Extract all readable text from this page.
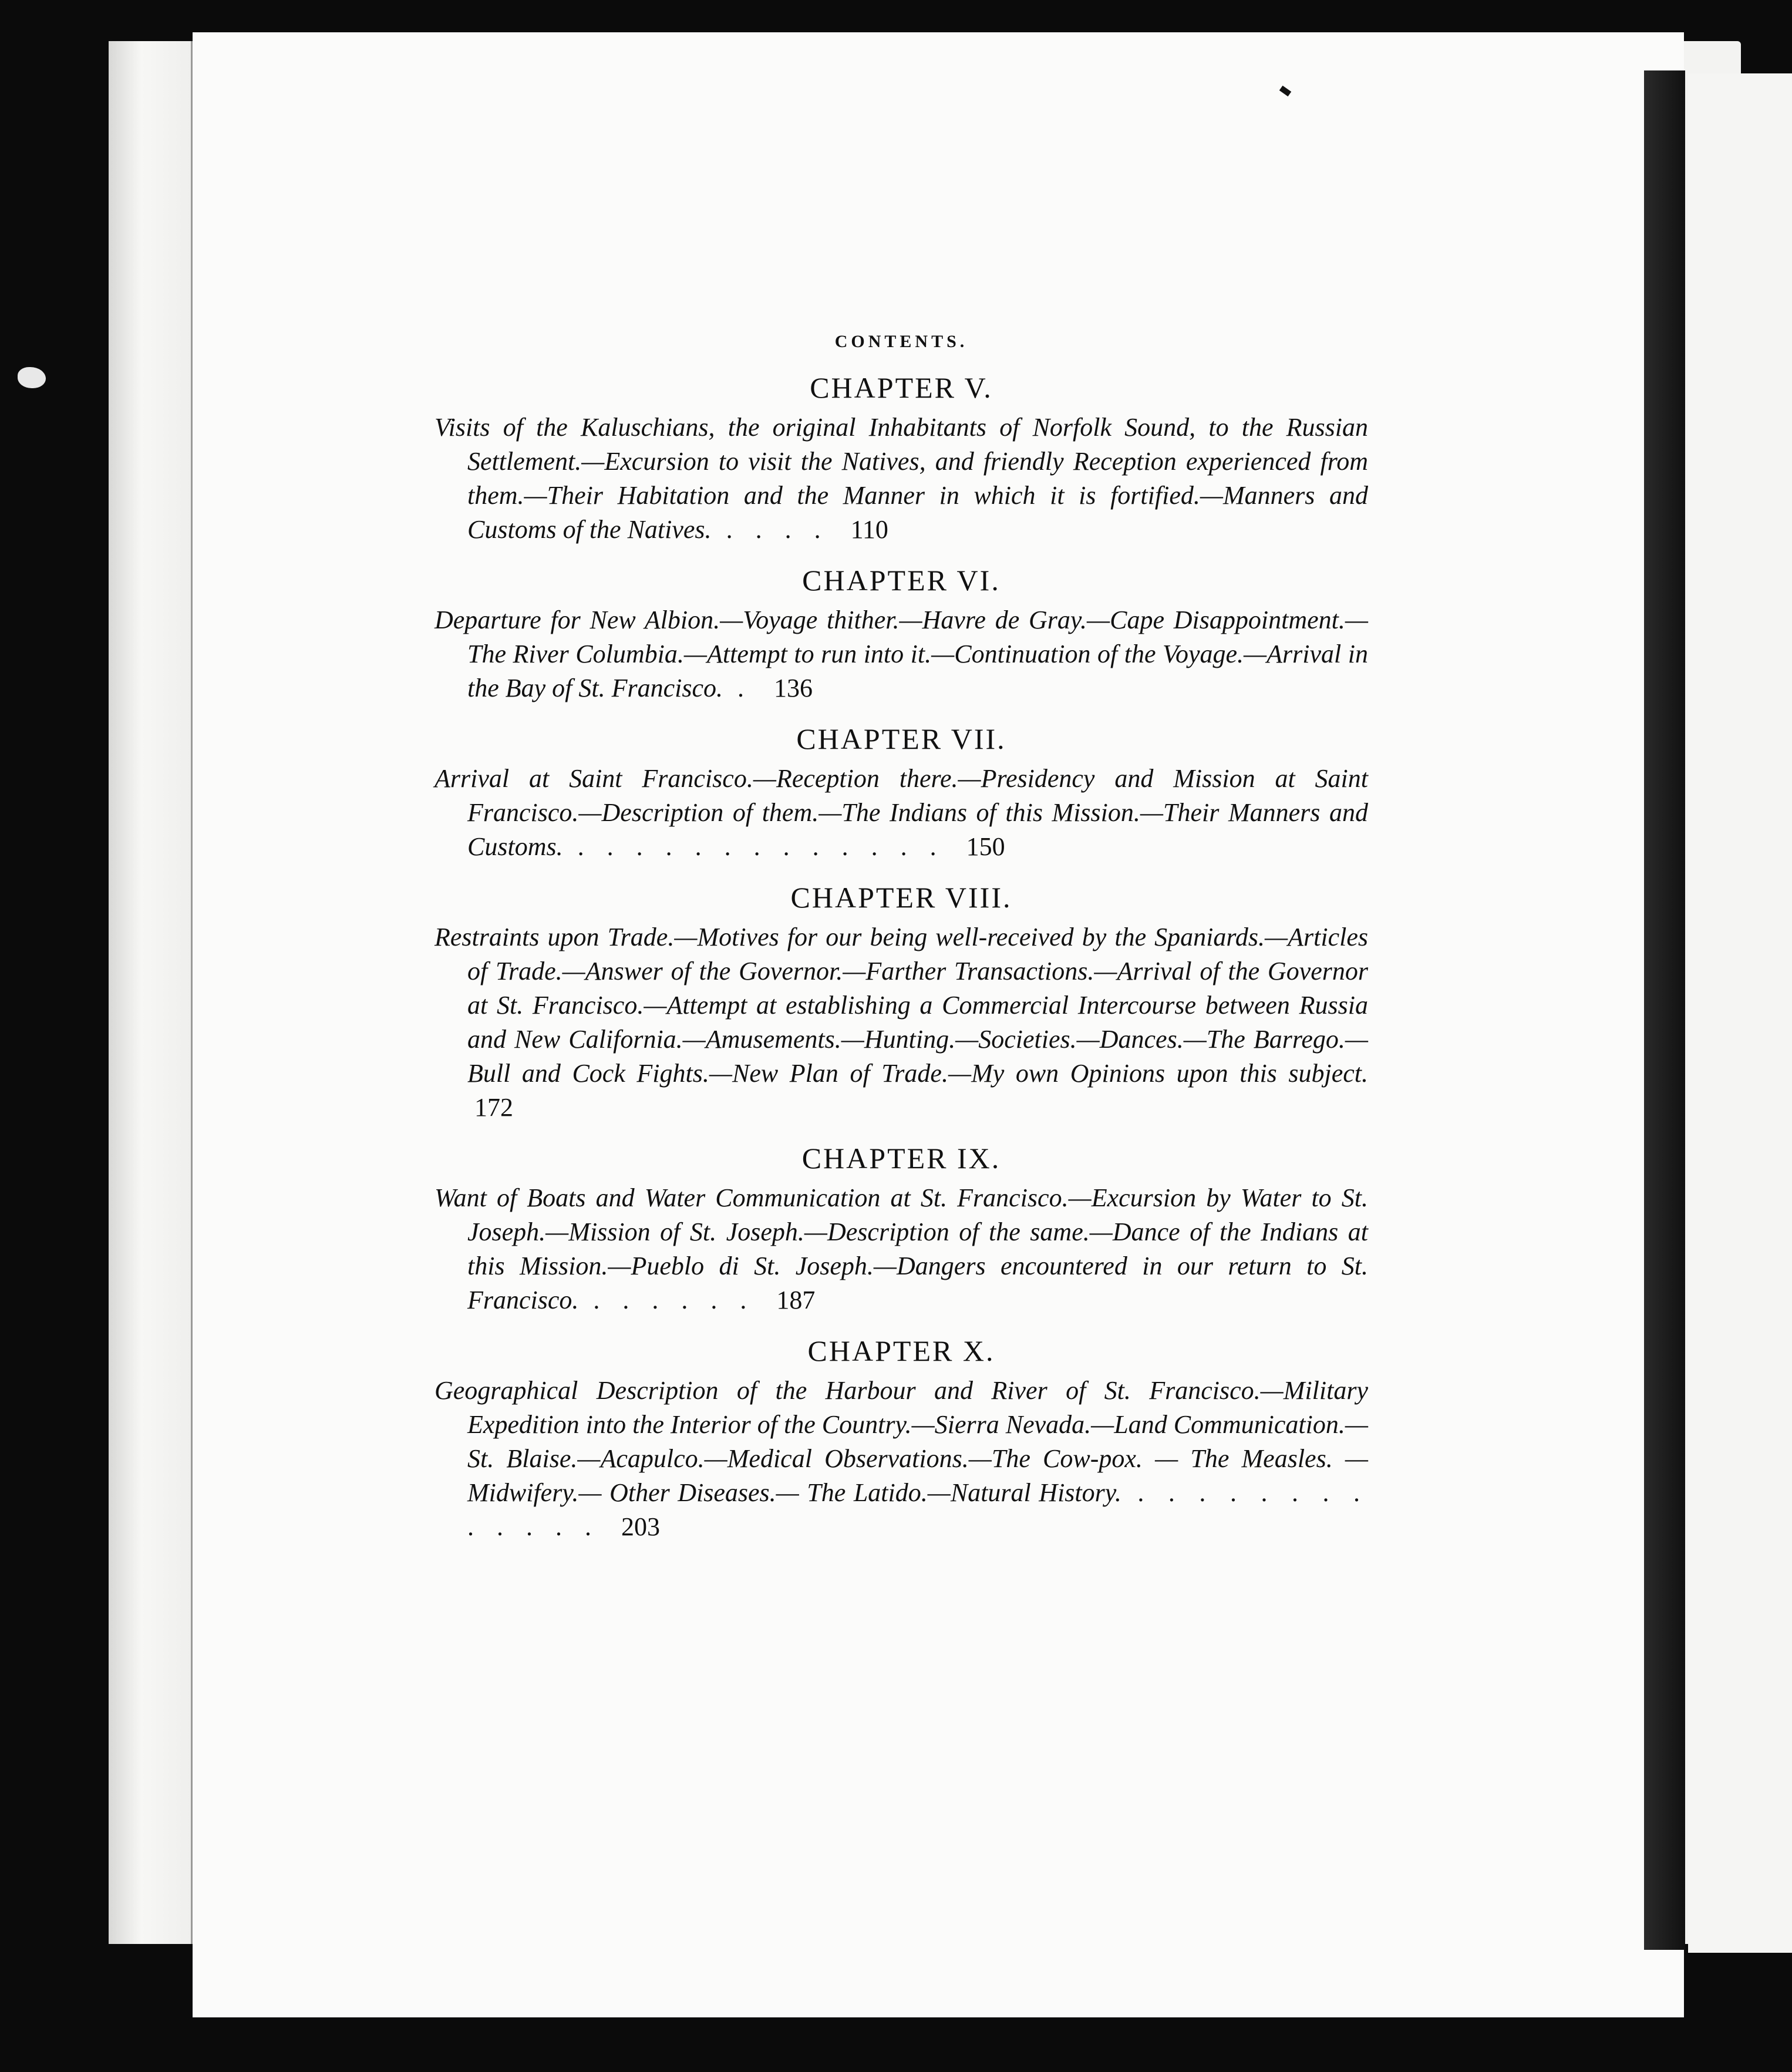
CONTENTS.
CHAPTER V.
Visits of the Kaluschians, the original Inhabitants of Norfolk Sound, to the Russian Settlement.—Excursion to visit the Natives, and friendly Reception experienced from them.—Their Habitation and the Manner in which it is fortified.—Manners and Customs of the Natives. . . . . 110
CHAPTER VI.
Departure for New Albion.—Voyage thither.—Havre de Gray.—Cape Disappointment.—The River Columbia.—Attempt to run into it.—Continuation of the Voyage.—Arrival in the Bay of St. Francisco. . 136
CHAPTER VII.
Arrival at Saint Francisco.—Reception there.—Presidency and Mission at Saint Francisco.—Description of them.—The Indians of this Mission.—Their Manners and Customs. . . . . . . . . . . . . . 150
CHAPTER VIII.
Restraints upon Trade.—Motives for our being well-received by the Spaniards.—Articles of Trade.—Answer of the Governor.—Farther Transactions.—Arrival of the Governor at St. Francisco.—Attempt at establishing a Commercial Intercourse between Russia and New California.—Amusements.—Hunting.—Societies.—Dances.—The Barrego.—Bull and Cock Fights.—New Plan of Trade.—My own Opinions upon this subject. 172
CHAPTER IX.
Want of Boats and Water Communication at St. Francisco.—Excursion by Water to St. Joseph.—Mission of St. Joseph.—Description of the same.—Dance of the Indians at this Mission.—Pueblo di St. Joseph.—Dangers encountered in our return to St. Francisco. . . . . . . 187
CHAPTER X.
Geographical Description of the Harbour and River of St. Francisco.—Military Expedition into the Interior of the Country.—Sierra Nevada.—Land Communication.—St. Blaise.—Acapulco.—Medical Observations.—The Cow-pox. — The Measles. — Midwifery.— Other Diseases.— The Latido.—Natural History. . . . . . . . . . . . . . 203
